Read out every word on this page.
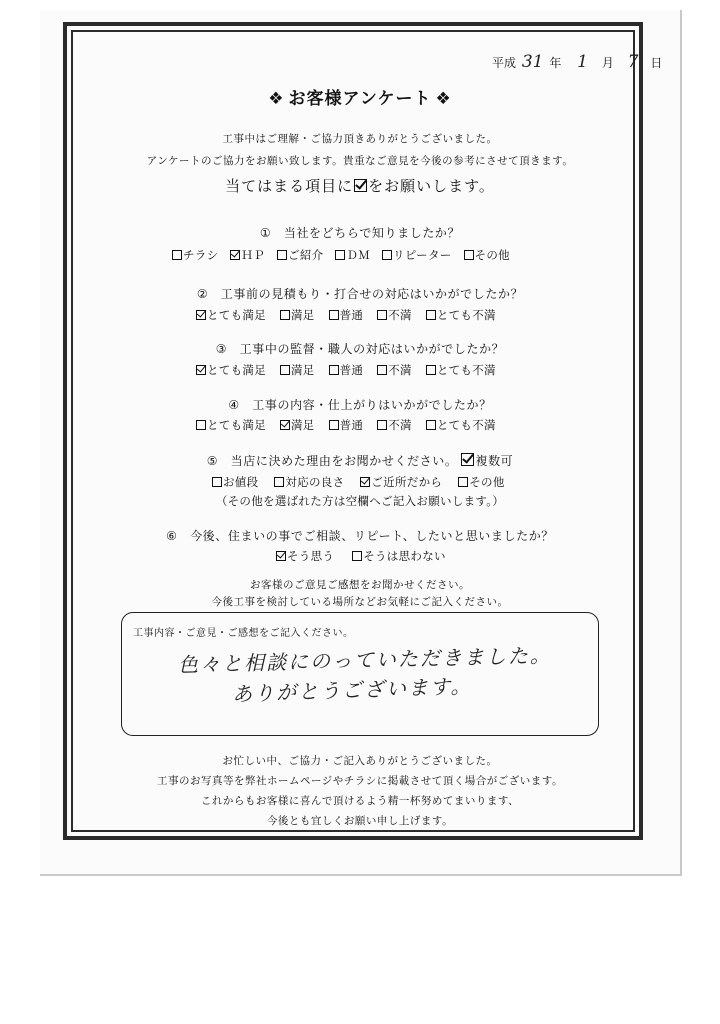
平成 31 年 1 月 7 日
❖ お客様アンケート ❖
工事中はご理解・ご協力頂きありがとうございました。
アンケートのご協力をお願い致します。貴重なご意見を今後の参考にさせて頂きます。
当てはまる項目に をお願いします。
①　 当社をどちらで知りましたか？
チラシ ＨＰ ご紹介 ＤＭ リピーター その他
②　 工事前の見積もり・打合せの対応はいかがでしたか？
とても満足 満足 普通 不満 とても不満
③　 工事中の監督・職人の対応はいかがでしたか？
とても満足 満足 普通 不満 とても不満
④　 工事の内容・仕上がりはいかがでしたか？
とても満足 満足 普通 不満 とても不満
⑤　 当店に決めた理由をお聞かせください。 複数可
お値段 対応の良さ ご近所だから その他
（その他を選ばれた方は空欄へご記入お願いします。）
⑥　 今後、住まいの事でご相談、リピート、したいと思いましたか？
そう思う	そうは思わない
お客様のご意見ご感想をお聞かせください。
今後工事を検討している場所などお気軽にご記入ください。
工事内容・ご意見・ご感想をご記入ください。
色々と相談にのっていただきました。
ありがとうございます。
お忙しい中、ご協力・ご記入ありがとうございました。
工事のお写真等を弊社ホームページやチラシに掲載させて頂く場合がございます。
これからもお客様に喜んで頂けるよう精一杯努めてまいります、
今後とも宜しくお願い申し上げます。
